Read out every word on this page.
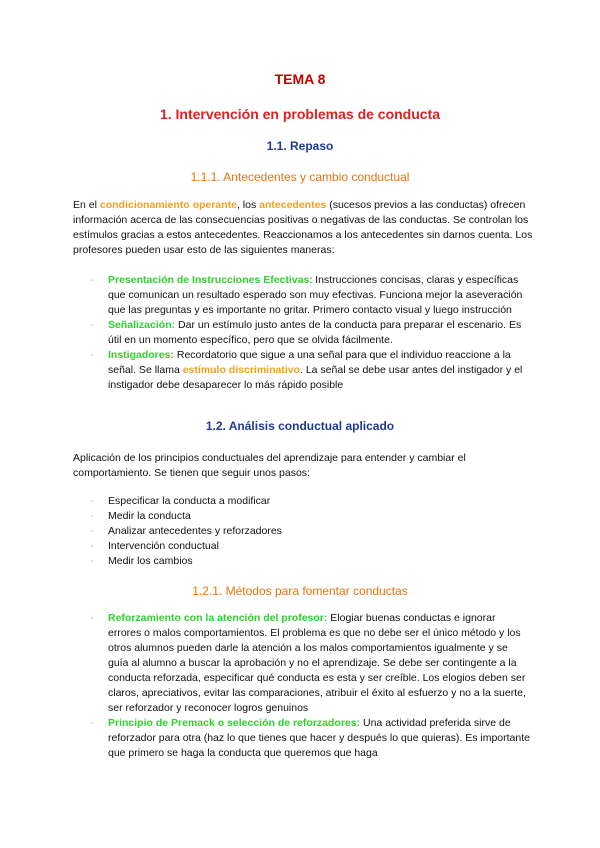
TEMA 8
1. Intervención en problemas de conducta
1.1. Repaso
1.1.1. Antecedentes y cambio conductual
En el condicionamiento operante, los antecedentes (sucesos previos a las conductas) ofrecen información acerca de las consecuencias positivas o negativas de las conductas. Se controlan los estímulos gracias a estos antecedentes. Reaccionamos a los antecedentes sin darnos cuenta. Los profesores pueden usar esto de las siguientes maneras:
- Presentación de Instrucciones Efectivas: Instrucciones concisas, claras y específicas que comunican un resultado esperado son muy efectivas. Funciona mejor la aseveración que las preguntas y es importante no gritar. Primero contacto visual y luego instrucción
- Señalización: Dar un estímulo justo antes de la conducta para preparar el escenario. Es útil en un momento específico, pero que se olvida fácilmente.
- Instigadores: Recordatorio que sigue a una señal para que el individuo reaccione a la señal. Se llama estímulo discriminativo. La señal se debe usar antes del instigador y el instigador debe desaparecer lo más rápido posible
1.2. Análisis conductual aplicado
Aplicación de los principios conductuales del aprendizaje para entender y cambiar el comportamiento. Se tienen que seguir unos pasos:
- Especificar la conducta a modificar
- Medir la conducta
- Analizar antecedentes y reforzadores
- Intervención conductual
- Medir los cambios
1.2.1. Métodos para fomentar conductas
- Reforzamiento con la atención del profesor: Elogiar buenas conductas e ignorar errores o malos comportamientos. El problema es que no debe ser el único método y los otros alumnos pueden darle la atención a los malos comportamientos igualmente y se guía al alumno a buscar la aprobación y no el aprendizaje. Se debe ser contingente a la conducta reforzada, especificar qué conducta es esta y ser creíble. Los elogios deben ser claros, apreciativos, evitar las comparaciones, atribuir el éxito al esfuerzo y no a la suerte, ser reforzador y reconocer logros genuinos
- Principio de Premack o selección de reforzadores: Una actividad preferida sirve de reforzador para otra (haz lo que tienes que hacer y después lo que quieras). Es importante que primero se haga la conducta que queremos que haga
